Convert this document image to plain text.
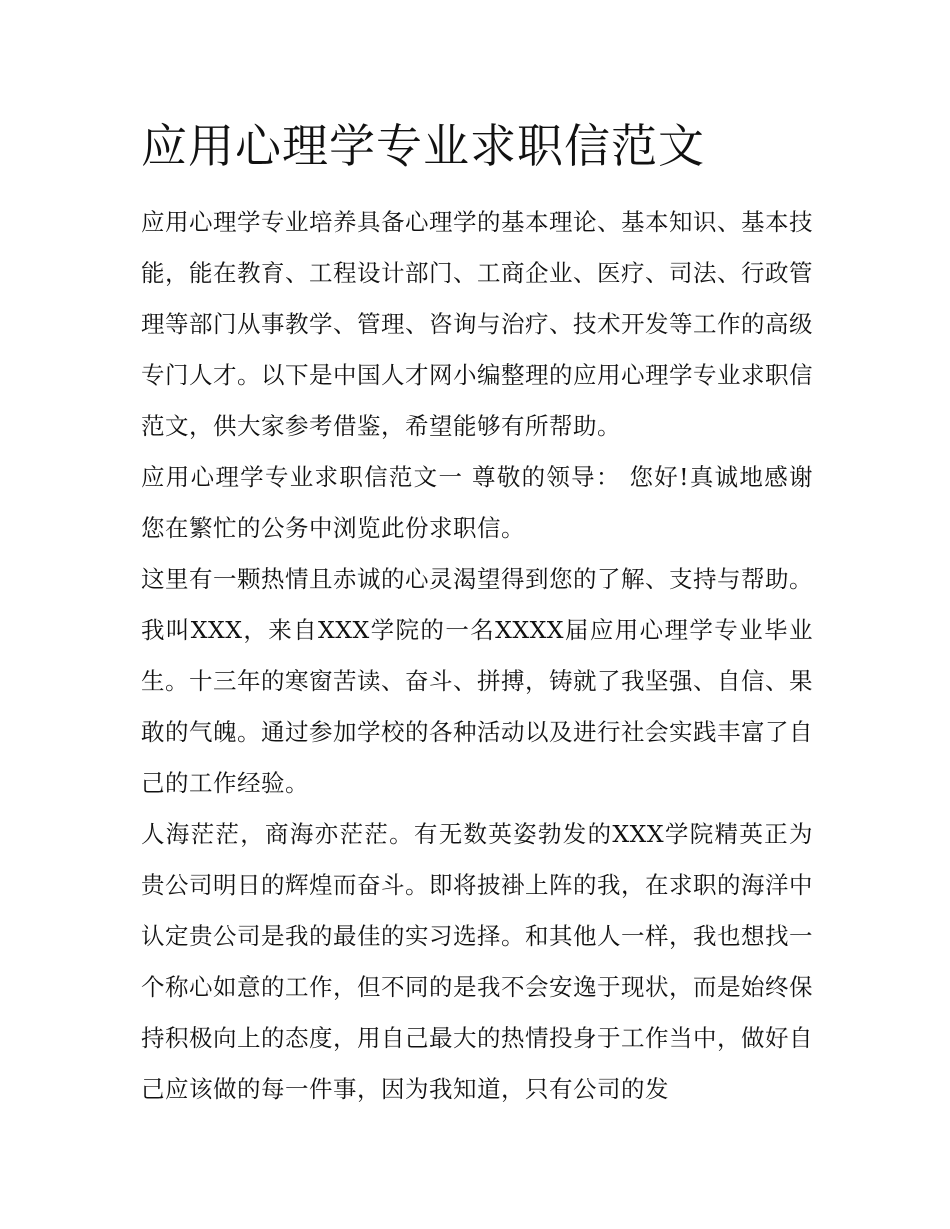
应用心理学专业求职信范文

应用心理学专业培养具备心理学的基本理论、基本知识、基本技能，能在教育、工程设计部门、工商企业、医疗、司法、行政管理等部门从事教学、管理、咨询与治疗、技术开发等工作的高级专门人才。以下是中国人才网小编整理的应用心理学专业求职信范文，供大家参考借鉴，希望能够有所帮助。

应用心理学专业求职信范文一 尊敬的领导： 您好!真诚地感谢您在繁忙的公务中浏览此份求职信。

这里有一颗热情且赤诚的心灵渴望得到您的了解、支持与帮助。我叫XXX，来自XXX学院的一名XXXX届应用心理学专业毕业生。十三年的寒窗苦读、奋斗、拼搏，铸就了我坚强、自信、果敢的气魄。通过参加学校的各种活动以及进行社会实践丰富了自己的工作经验。

人海茫茫，商海亦茫茫。有无数英姿勃发的XXX学院精英正为贵公司明日的辉煌而奋斗。即将披褂上阵的我，在求职的海洋中认定贵公司是我的最佳的实习选择。和其他人一样，我也想找一个称心如意的工作，但不同的是我不会安逸于现状，而是始终保持积极向上的态度，用自己最大的热情投身于工作当中，做好自己应该做的每一件事，因为我知道，只有公司的发
